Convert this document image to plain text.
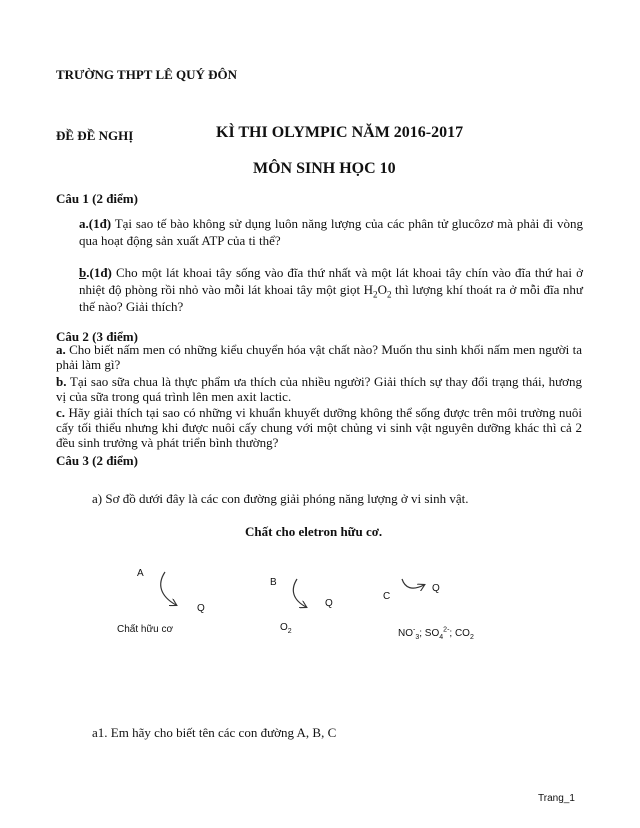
TRƯỜNG THPT LÊ QUÝ ĐÔN
ĐỀ ĐỀ NGHỊ	KÌ THI OLYMPIC NĂM 2016-2017
MÔN SINH HỌC 10
Câu 1 (2 điểm)
a.(1đ) Tại sao tế bào không sử dụng luôn năng lượng của các phân tử glucôzơ mà phải đi vòng qua hoạt động sản xuất ATP của ti thể?
b.(1đ) Cho một lát khoai tây sống vào đĩa thứ nhất và một lát khoai tây chín vào đĩa thứ hai ở nhiệt độ phòng rồi nhỏ vào mỗi lát khoai tây một giọt $H_2O_2$ thì lượng khí thoát ra ở mỗi đĩa như thế nào? Giải thích?
Câu 2 (3 điểm)
a. Cho biết nấm men có những kiểu chuyển hóa vật chất nào? Muốn thu sinh khối nấm men người ta phải làm gì?
b. Tại sao sữa chua là thực phẩm ưa thích của nhiều người? Giải thích sự thay đổi trạng thái, hương vị của sữa trong quá trình lên men axit lactic.
c. Hãy giải thích tại sao có những vi khuẩn khuyết dưỡng không thể sống được trên môi trường nuôi cấy tối thiểu nhưng khi được nuôi cấy chung với một chủng vi sinh vật nguyên dưỡng khác thì cả 2 đều sinh trưởng và phát triển bình thường?
Câu 3 (2 điểm)
a) Sơ đồ dưới đây là các con đường giải phóng năng lượng ở vi sinh vật.
Chất cho eletron hữu cơ.
A
Q
Chất hữu cơ
B
Q
$O_2$
C
Q
$NO^-_3$; $SO_4^{2-}$; $CO_2$
a1. Em hãy cho biết tên các con đường A, B, C
Trang_1
